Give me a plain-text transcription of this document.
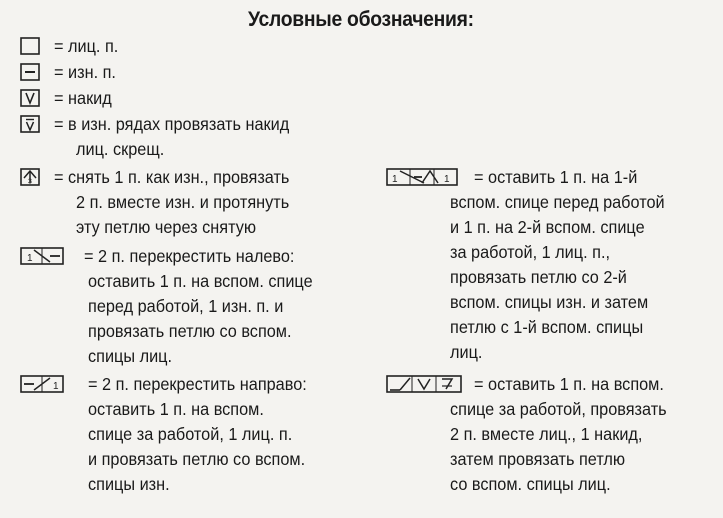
Условные обозначения:
= лиц. п.
= изн. п.
= накид
= в изн. рядах провязать накид
лиц. скрещ.
3 = снять 1 п. как изн., провязать
2 п. вместе изн. и протянуть
эту петлю через снятую
1	= 2 п. перекрестить налево:
оставить 1 п. на вспом. спице
перед работой, 1 изн. п. и
провязать петлю со вспом.
спицы лиц.
1 = 2 п. перекрестить направо:
оставить 1 п. на вспом.
спице за работой, 1 лиц. п.
и провязать петлю со вспом.
спицы изн.
1	1 = оставить 1 п. на 1-й
вспом. спице перед работой
и 1 п. на 2-й вспом. спице
за работой, 1 лиц. п.,
провязать петлю со 2-й
вспом. спицы изн. и затем
петлю с 1-й вспом. спицы
лиц.
= оставить 1 п. на вспом.
спице за работой, провязать
2 п. вместе лиц., 1 накид,
затем провязать петлю
со вспом. спицы лиц.
